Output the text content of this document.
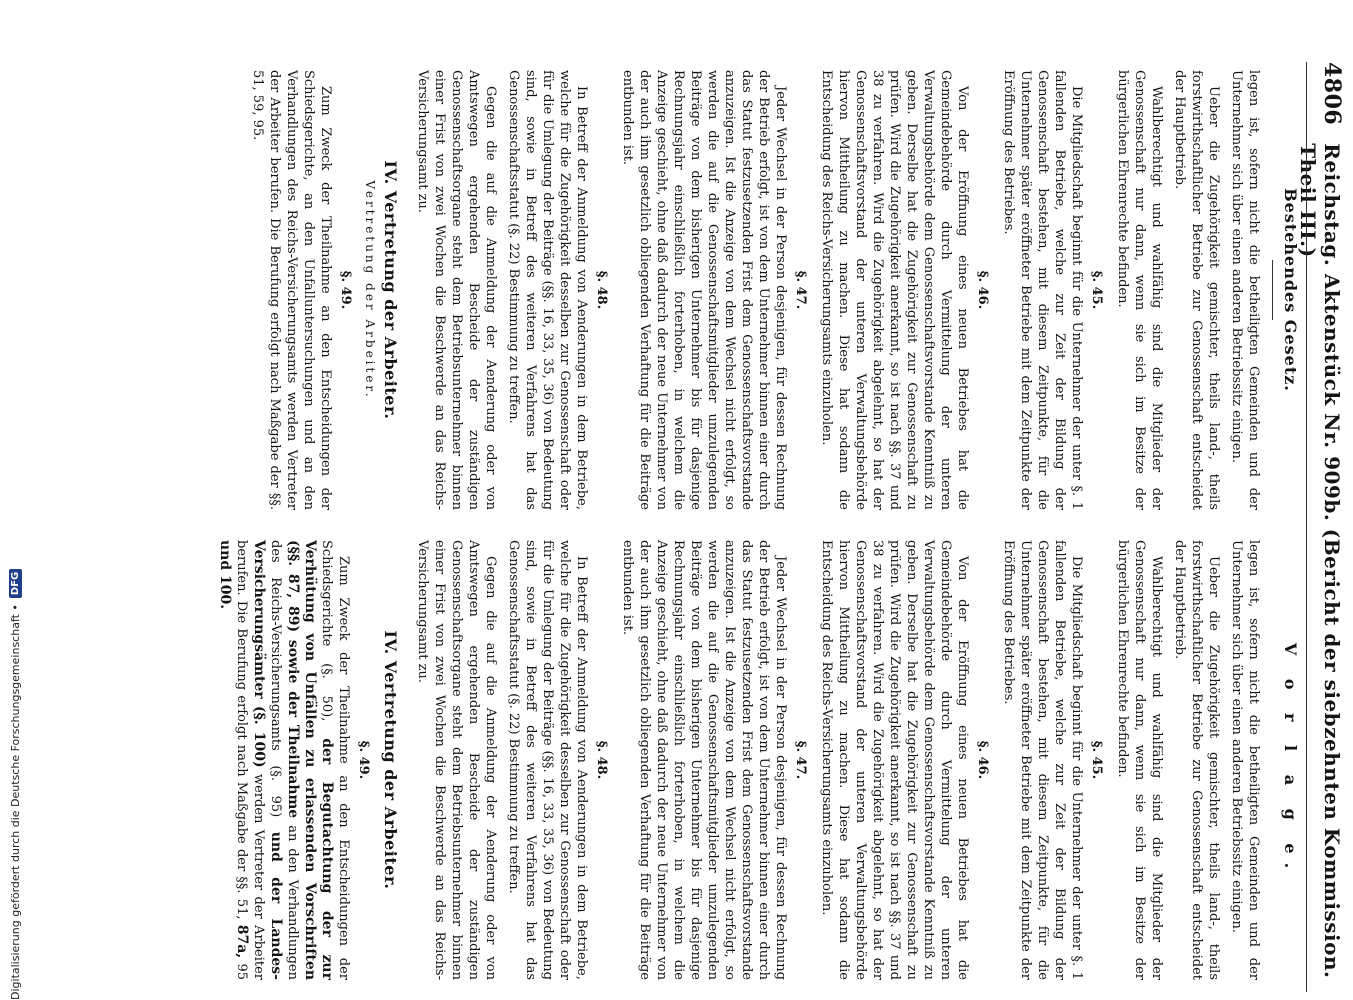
4806
Reichstag. Aktenstück Nr. 909b. (Bericht der siebzehnten Kommission. Theil III.)
Bestehendes Gesetz.

legen ist, sofern nicht die betheiligten Gemeinden und der Unternehmer sich über einen anderen Betriebssitz einigen.

Ueber die Zugehörigkeit gemischter, theils land-, theils forstwirthschaftlicher Betriebe zur Genossenschaft entscheidet der Hauptbetrieb.

Wahlberechtigt und wahlfähig sind die Mitglieder der Genossenschaft nur dann, wenn sie sich im Besitze der bürgerlichen Ehrenrechte befinden.

§. 45.

Die Mitgliedschaft beginnt für die Unternehmer der unter §. 1 fallenden Betriebe, welche zur Zeit der Bildung der Genossenschaft bestehen, mit diesem Zeitpunkte, für die Unternehmer später eröffneter Betriebe mit dem Zeitpunkte der Eröffnung des Betriebes.

§. 46.

Von der Eröffnung eines neuen Betriebes hat die Gemeindebehörde durch Vermittelung der unteren Verwaltungsbehörde dem Genossenschaftsvorstande Kenntniß zu geben. Derselbe hat die Zugehörigkeit zur Genossenschaft zu prüfen. Wird die Zugehörigkeit anerkannt, so ist nach §§. 37 und 38 zu verfahren. Wird die Zugehörigkeit abgelehnt, so hat der Genossenschaftsvorstand der unteren Verwaltungsbehörde hiervon Mittheilung zu machen. Diese hat sodann die Entscheidung des Reichs-Versicherungsamts einzuholen.

§. 47.

Jeder Wechsel in der Person desjenigen, für dessen Rechnung der Betrieb erfolgt, ist von dem Unternehmer binnen einer durch das Statut festzusetzenden Frist dem Genossenschaftsvorstande anzuzeigen. Ist die Anzeige von dem Wechsel nicht erfolgt, so werden die auf die Genossenschaftsmitglieder umzulegenden Beiträge von dem bisherigen Unternehmer bis für dasjenige Rechnungsjahr einschließlich forterhoben, in welchem die Anzeige geschieht, ohne daß dadurch der neue Unternehmer von der auch ihm gesetzlich obliegenden Verhaftung für die Beiträge entbunden ist.

§. 48.

In Betreff der Anmeldung von Aenderungen in dem Betriebe, welche für die Zugehörigkeit desselben zur Genossenschaft oder für die Umlegung der Beiträge (§§. 16, 33, 35, 36) von Bedeutung sind, sowie in Betreff des weiteren Verfahrens hat das Genossenschaftsstatut (§. 22) Bestimmung zu treffen.

Gegen die auf die Anmeldung der Aenderung oder von Amtswegen ergehenden Bescheide der zuständigen Genossenschaftsorgane steht dem Betriebsunternehmer binnen einer Frist von zwei Wochen die Beschwerde an das Reichs-Versicherungsamt zu.

IV. Vertretung der Arbeiter.
Vertretung der Arbeiter.
§. 49.

Zum Zweck der Theilnahme an den Entscheidungen der Schiedsgerichte, an den Unfalluntersuchungen und an den Verhandlungen des Reichs-Versicherungsamts werden Vertreter der Arbeiter berufen. Die Berufung erfolgt nach Maßgabe der §§. 51, 59, 95.

V o r l a g e.

legen ist, sofern nicht die betheiligten Gemeinden und der Unternehmer sich über einen anderen Betriebssitz einigen.

Ueber die Zugehörigkeit gemischter, theils land-, theils forstwirthschaftlicher Betriebe zur Genossenschaft entscheidet der Hauptbetrieb.

Wahlberechtigt und wahlfähig sind die Mitglieder der Genossenschaft nur dann, wenn sie sich im Besitze der bürgerlichen Ehrenrechte befinden.

§. 45.

Die Mitgliedschaft beginnt für die Unternehmer der unter §. 1 fallenden Betriebe, welche zur Zeit der Bildung der Genossenschaft bestehen, mit diesem Zeitpunkte, für die Unternehmer später eröffneter Betriebe mit dem Zeitpunkte der Eröffnung des Betriebes.

§. 46.

Von der Eröffnung eines neuen Betriebes hat die Gemeindebehörde durch Vermittelung der unteren Verwaltungsbehörde dem Genossenschaftsvorstande Kenntniß zu geben. Derselbe hat die Zugehörigkeit zur Genossenschaft zu prüfen. Wird die Zugehörigkeit anerkannt, so ist nach §§. 37 und 38 zu verfahren. Wird die Zugehörigkeit abgelehnt, so hat der Genossenschaftsvorstand der unteren Verwaltungsbehörde hiervon Mittheilung zu machen. Diese hat sodann die Entscheidung des Reichs-Versicherungsamts einzuholen.

§. 47.

Jeder Wechsel in der Person desjenigen, für dessen Rechnung der Betrieb erfolgt, ist von dem Unternehmer binnen einer durch das Statut festzusetzenden Frist dem Genossenschaftsvorstande anzuzeigen. Ist die Anzeige von dem Wechsel nicht erfolgt, so werden die auf die Genossenschaftsmitglieder umzulegenden Beiträge von dem bisherigen Unternehmer bis für dasjenige Rechnungsjahr einschließlich forterhoben, in welchem die Anzeige geschieht, ohne daß dadurch der neue Unternehmer von der auch ihm gesetzlich obliegenden Verhaftung für die Beiträge entbunden ist.

§. 48.

In Betreff der Anmeldung von Aenderungen in dem Betriebe, welche für die Zugehörigkeit desselben zur Genossenschaft oder für die Umlegung der Beiträge (§§. 16, 33, 35, 36) von Bedeutung sind, sowie in Betreff des weiteren Verfahrens hat das Genossenschaftsstatut (§. 22) Bestimmung zu treffen.

Gegen die auf die Anmeldung der Aenderung oder von Amtswegen ergehenden Bescheide der zuständigen Genossenschaftsorgane steht dem Betriebsunternehmer binnen einer Frist von zwei Wochen die Beschwerde an das Reichs-Versicherungsamt zu.

IV. Vertretung der Arbeiter.
§. 49.

Zum Zweck der Theilnahme an den Entscheidungen der Schiedsgerichte (§. 50), der Begutachtung der zur Verhütung von Unfällen zu erlassenden Vorschriften (§§. 87, 89) sowie der Theilnahme an den Verhandlungen des Reichs-Versicherungsamts (§. 95) und der Landes-Versicherungsämter (§. 100) werden Vertreter der Arbeiter berufen. Die Berufung erfolgt nach Maßgabe der §§. 51, 87a, 95 und 100.

Digitalisierung gefördert durch die Deutsche Forschungsgemeinschaft •
DFG
